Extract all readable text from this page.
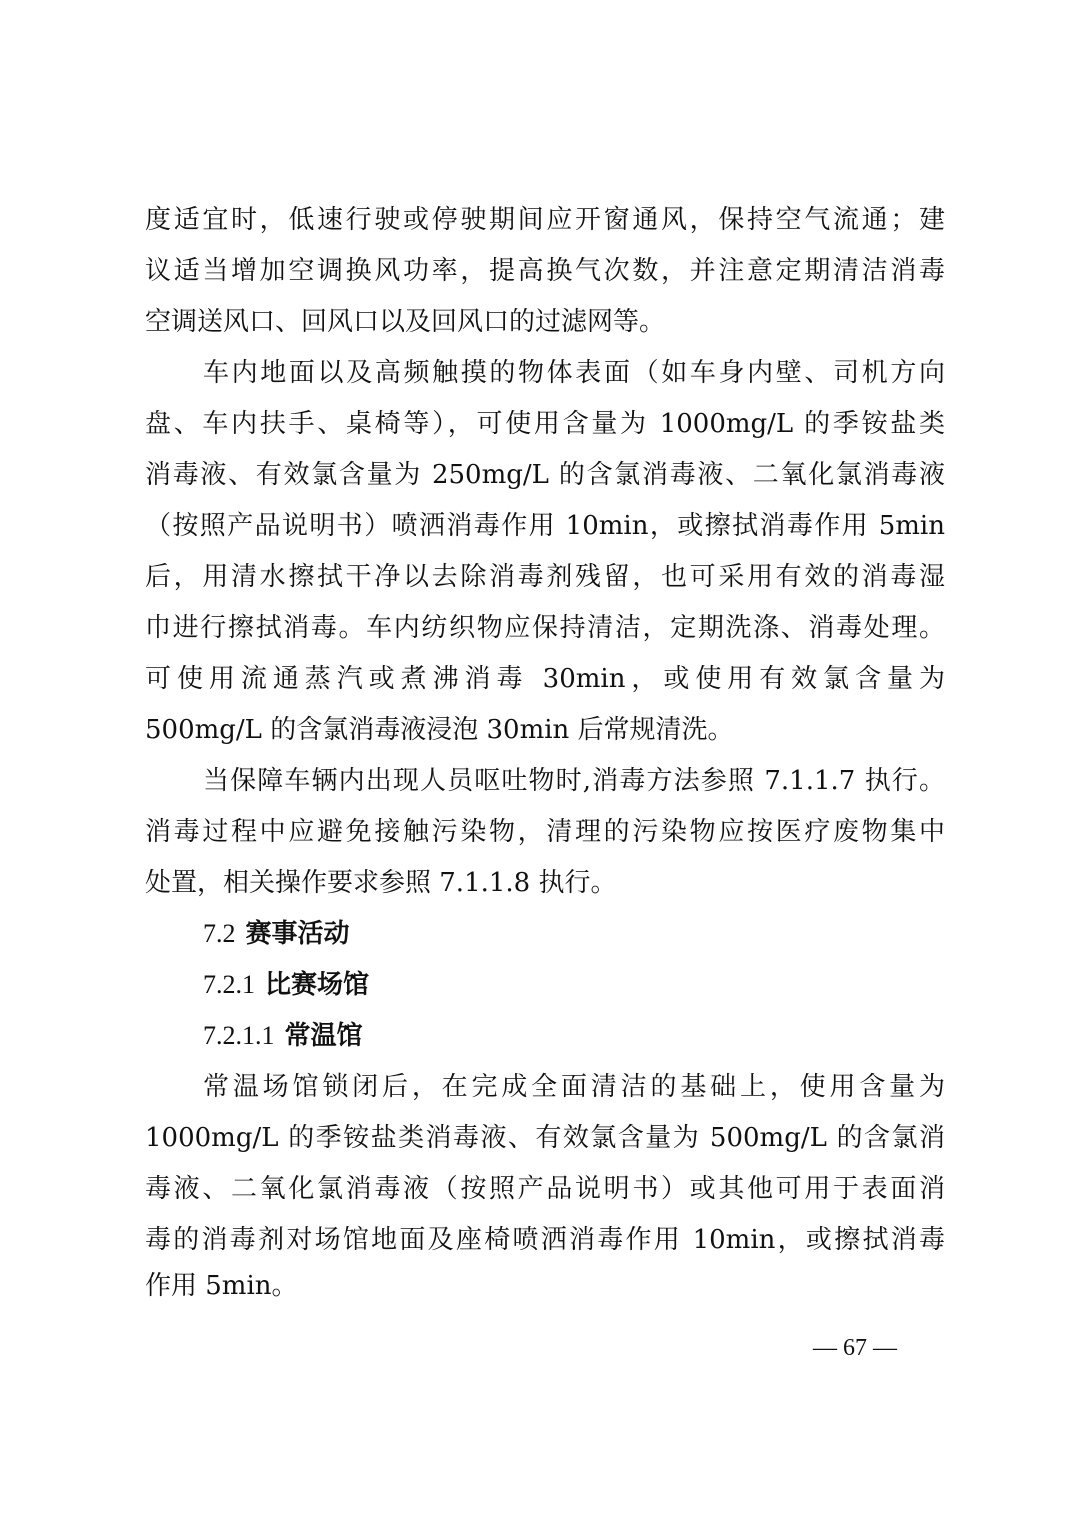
度适宜时，低速行驶或停驶期间应开窗通风，保持空气流通；建
议适当增加空调换风功率，提高换气次数，并注意定期清洁消毒
空调送风口、回风口以及回风口的过滤网等。
车内地面以及高频触摸的物体表面（如车身内壁、司机方向
盘、车内扶手、桌椅等），可使用含量为 1000mg/L 的季铵盐类
消毒液、有效氯含量为 250mg/L 的含氯消毒液、二氧化氯消毒液
（按照产品说明书）喷洒消毒作用 10min，或擦拭消毒作用 5min
后，用清水擦拭干净以去除消毒剂残留，也可采用有效的消毒湿
巾进行擦拭消毒。车内纺织物应保持清洁，定期洗涤、消毒处理。
可使用流通蒸汽或煮沸消毒 30min，或使用有效氯含量为
500mg/L 的含氯消毒液浸泡 30min 后常规清洗。
当保障车辆内出现人员呕吐物时,消毒方法参照 7.1.1.7 执行。
消毒过程中应避免接触污染物，清理的污染物应按医疗废物集中
处置，相关操作要求参照 7.1.1.8 执行。
7.2 赛事活动
7.2.1 比赛场馆
7.2.1.1 常温馆
常温场馆锁闭后，在完成全面清洁的基础上，使用含量为
1000mg/L 的季铵盐类消毒液、有效氯含量为 500mg/L 的含氯消
毒液、二氧化氯消毒液（按照产品说明书）或其他可用于表面消
毒的消毒剂对场馆地面及座椅喷洒消毒作用 10min，或擦拭消毒
作用 5min。
— 67 —
